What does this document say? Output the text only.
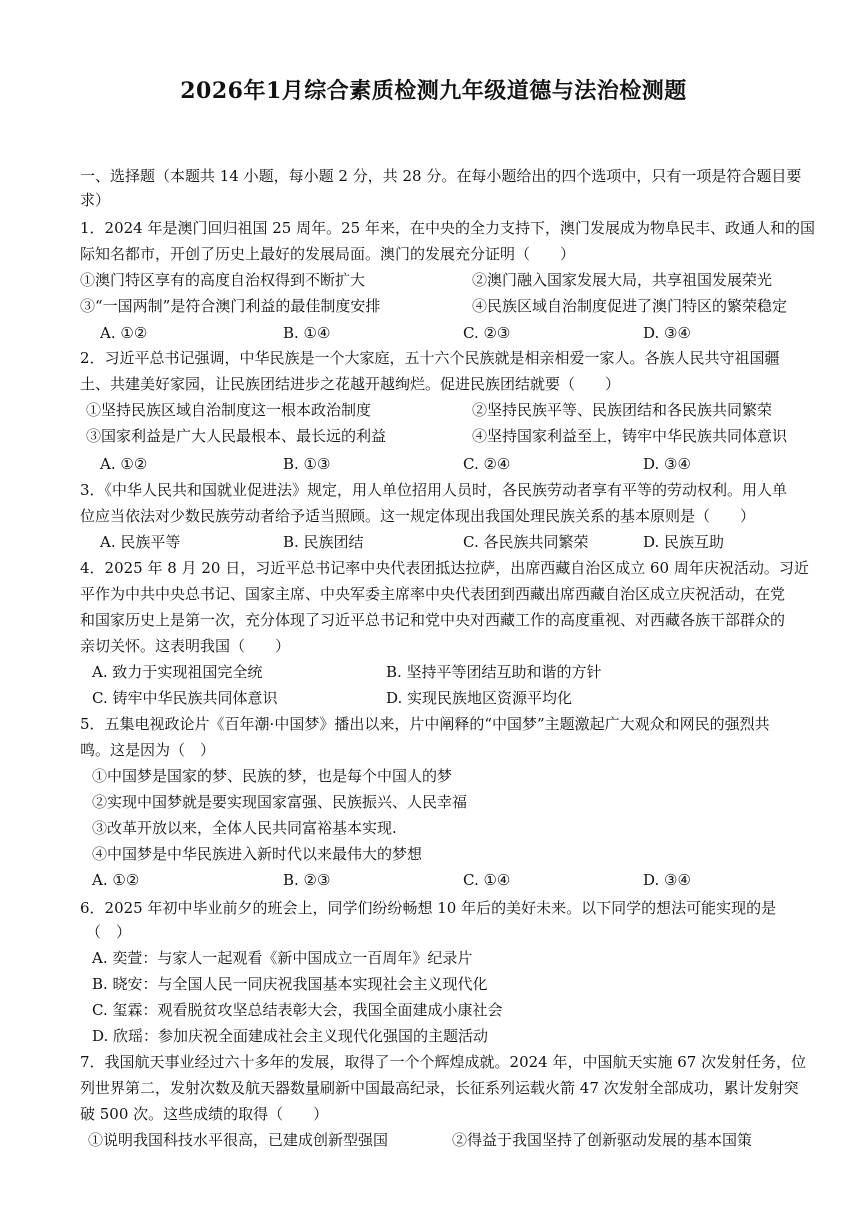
2026年1月综合素质检测九年级道德与法治检测题
一、选择题（本题共 14 小题，每小题 2 分，共 28 分。在每小题给出的四个选项中，只有一项是符合题目要
求）
1．2024 年是澳门回归祖国 25 周年。25 年来，在中央的全力支持下，澳门发展成为物阜民丰、政通人和的国
际知名都市，开创了历史上最好的发展局面。澳门的发展充分证明（　　）
①澳门特区享有的高度自治权得到不断扩大	②澳门融入国家发展大局，共享祖国发展荣光
③“一国两制”是符合澳门利益的最佳制度安排	④民族区域自治制度促进了澳门特区的繁荣稳定
A. ①②	B. ①④	C. ②③	D. ③④
2．习近平总书记强调，中华民族是一个大家庭，五十六个民族就是相亲相爱一家人。各族人民共守祖国疆
土、共建美好家园，让民族团结进步之花越开越绚烂。促进民族团结就要（　　）
①坚持民族区域自治制度这一根本政治制度	②坚持民族平等、民族团结和各民族共同繁荣
③国家利益是广大人民最根本、最长远的利益	④坚持国家利益至上，铸牢中华民族共同体意识
A. ①②	B. ①③	C. ②④	D. ③④
3．《中华人民共和国就业促进法》规定，用人单位招用人员时，各民族劳动者享有平等的劳动权利。用人单
位应当依法对少数民族劳动者给予适当照顾。这一规定体现出我国处理民族关系的基本原则是（　　）
A. 民族平等	B. 民族团结	C. 各民族共同繁荣	D. 民族互助
4．2025 年 8 月 20 日，习近平总书记率中央代表团抵达拉萨，出席西藏自治区成立 60 周年庆祝活动。习近
平作为中共中央总书记、国家主席、中央军委主席率中央代表团到西藏出席西藏自治区成立庆祝活动，在党
和国家历史上是第一次，充分体现了习近平总书记和党中央对西藏工作的高度重视、对西藏各族干部群众的
亲切关怀。这表明我国（　　）
A. 致力于实现祖国完全统	B. 坚持平等团结互助和谐的方针
C. 铸牢中华民族共同体意识	D. 实现民族地区资源平均化
5．五集电视政论片《百年潮·中国梦》播出以来，片中阐释的“中国梦”主题激起广大观众和网民的强烈共
鸣。这是因为（　）
①中国梦是国家的梦、民族的梦，也是每个中国人的梦
②实现中国梦就是要实现国家富强、民族振兴、人民幸福
③改革开放以来，全体人民共同富裕基本实现.
④中国梦是中华民族进入新时代以来最伟大的梦想
A. ①②	B. ②③	C. ①④	D. ③④
6．2025 年初中毕业前夕的班会上，同学们纷纷畅想 10 年后的美好未来。以下同学的想法可能实现的是
（　）
A. 奕萱：与家人一起观看《新中国成立一百周年》纪录片
B. 晓安：与全国人民一同庆祝我国基本实现社会主义现代化
C. 玺霖：观看脱贫攻坚总结表彰大会，我国全面建成小康社会
D. 欣瑶：参加庆祝全面建成社会主义现代化强国的主题活动
7．我国航天事业经过六十多年的发展，取得了一个个辉煌成就。2024 年，中国航天实施 67 次发射任务，位
列世界第二，发射次数及航天器数量刷新中国最高纪录，长征系列运载火箭 47 次发射全部成功，累计发射突
破 500 次。这些成绩的取得（　　）
①说明我国科技水平很高，已建成创新型强国	②得益于我国坚持了创新驱动发展的基本国策
